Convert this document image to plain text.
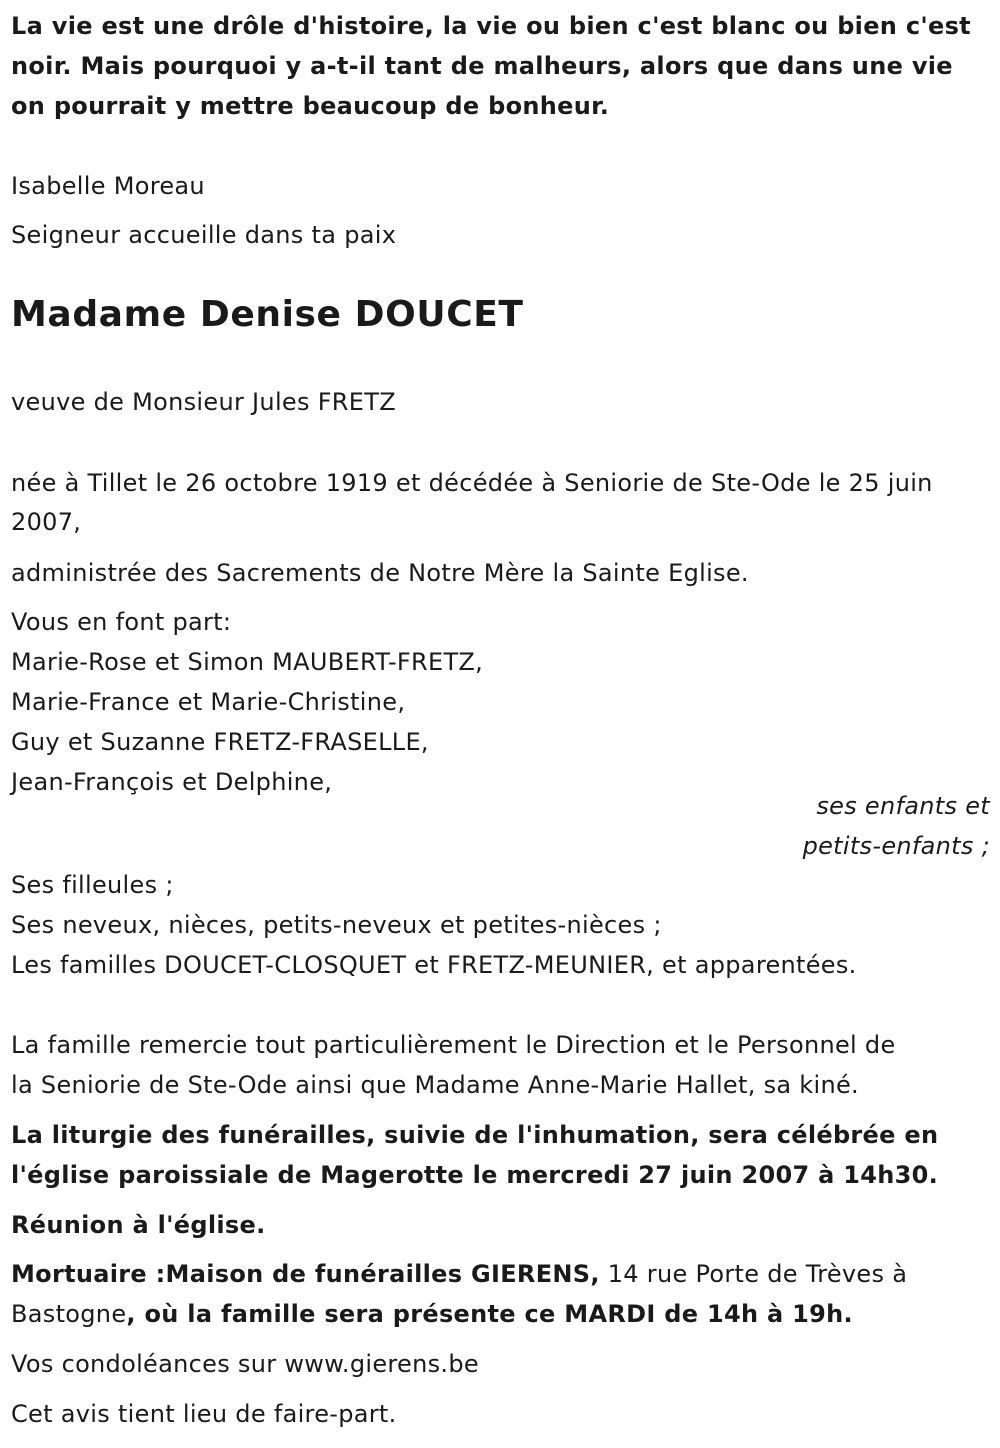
La vie est une drôle d'histoire, la vie ou bien c'est blanc ou bien c'est
noir. Mais pourquoi y a-t-il tant de malheurs, alors que dans une vie
on pourrait y mettre beaucoup de bonheur.
Isabelle Moreau
Seigneur accueille dans ta paix
Madame Denise DOUCET
veuve de Monsieur Jules FRETZ
née à Tillet le 26 octobre 1919 et décédée à Seniorie de Ste-Ode le 25 juin
2007,
administrée des Sacrements de Notre Mère la Sainte Eglise.
Vous en font part:
Marie-Rose et Simon MAUBERT-FRETZ,
Marie-France et Marie-Christine,
Guy et Suzanne FRETZ-FRASELLE,
Jean-François et Delphine,
ses enfants et
petits-enfants ;
Ses filleules ;
Ses neveux, nièces, petits-neveux et petites-nièces ;
Les familles DOUCET-CLOSQUET et FRETZ-MEUNIER, et apparentées.
La famille remercie tout particulièrement le Direction et le Personnel de
la Seniorie de Ste-Ode ainsi que Madame Anne-Marie Hallet, sa kiné.
La liturgie des funérailles, suivie de l'inhumation, sera célébrée en
l'église paroissiale de Magerotte le mercredi 27 juin 2007 à 14h30.
Réunion à l'église.
Mortuaire :Maison de funérailles GIERENS, 14 rue Porte de Trèves à
Bastogne, où la famille sera présente ce MARDI de 14h à 19h.
Vos condoléances sur www.gierens.be
Cet avis tient lieu de faire-part.
